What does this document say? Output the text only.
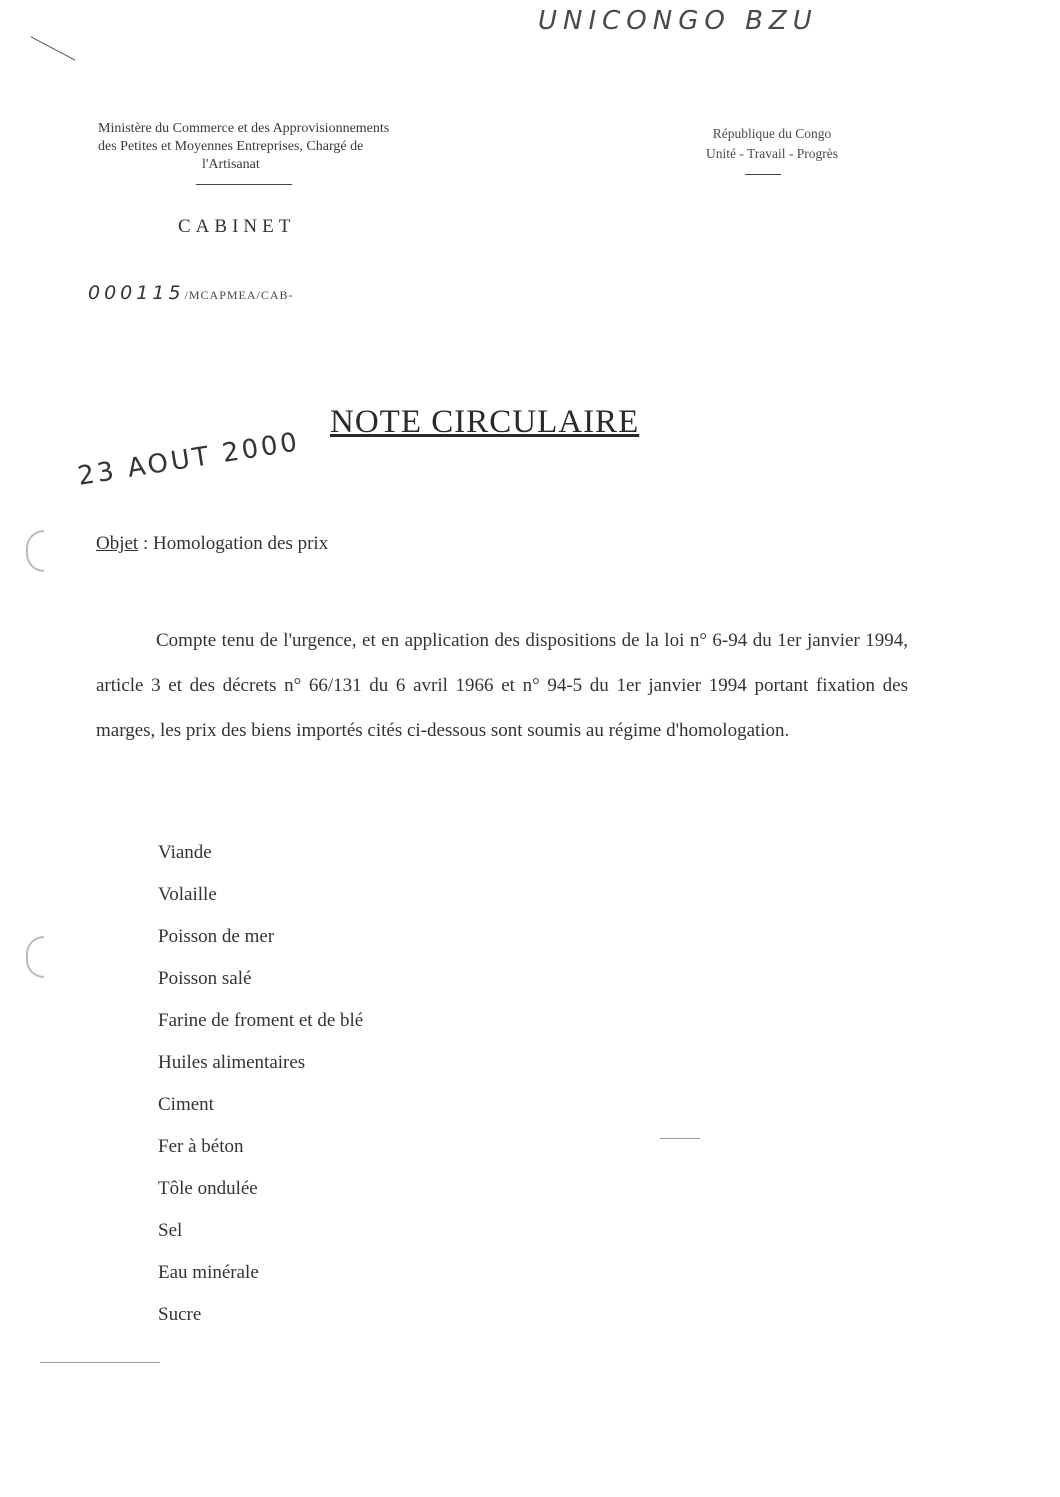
UNICONGO BZU
Ministère du Commerce et des Approvisionnements
des Petites et Moyennes Entreprises, Chargé de
l'Artisanat
République du Congo
Unité - Travail - Progrès
CABINET
000115/MCAPMEA/CAB-
NOTE CIRCULAIRE
23 AOUT 2000
Objet : Homologation des prix

Compte tenu de l'urgence, et en application des dispositions de la loi n° 6-94 du 1er janvier 1994, article 3 et des décrets n° 66/131 du 6 avril 1966 et n° 94-5 du 1er janvier 1994 portant fixation des marges, les prix des biens importés cités ci-dessous sont soumis au régime d'homologation.

Viande
Volaille
Poisson de mer
Poisson salé
Farine de froment et de blé
Huiles alimentaires
Ciment
Fer à béton
Tôle ondulée
Sel
Eau minérale
Sucre
